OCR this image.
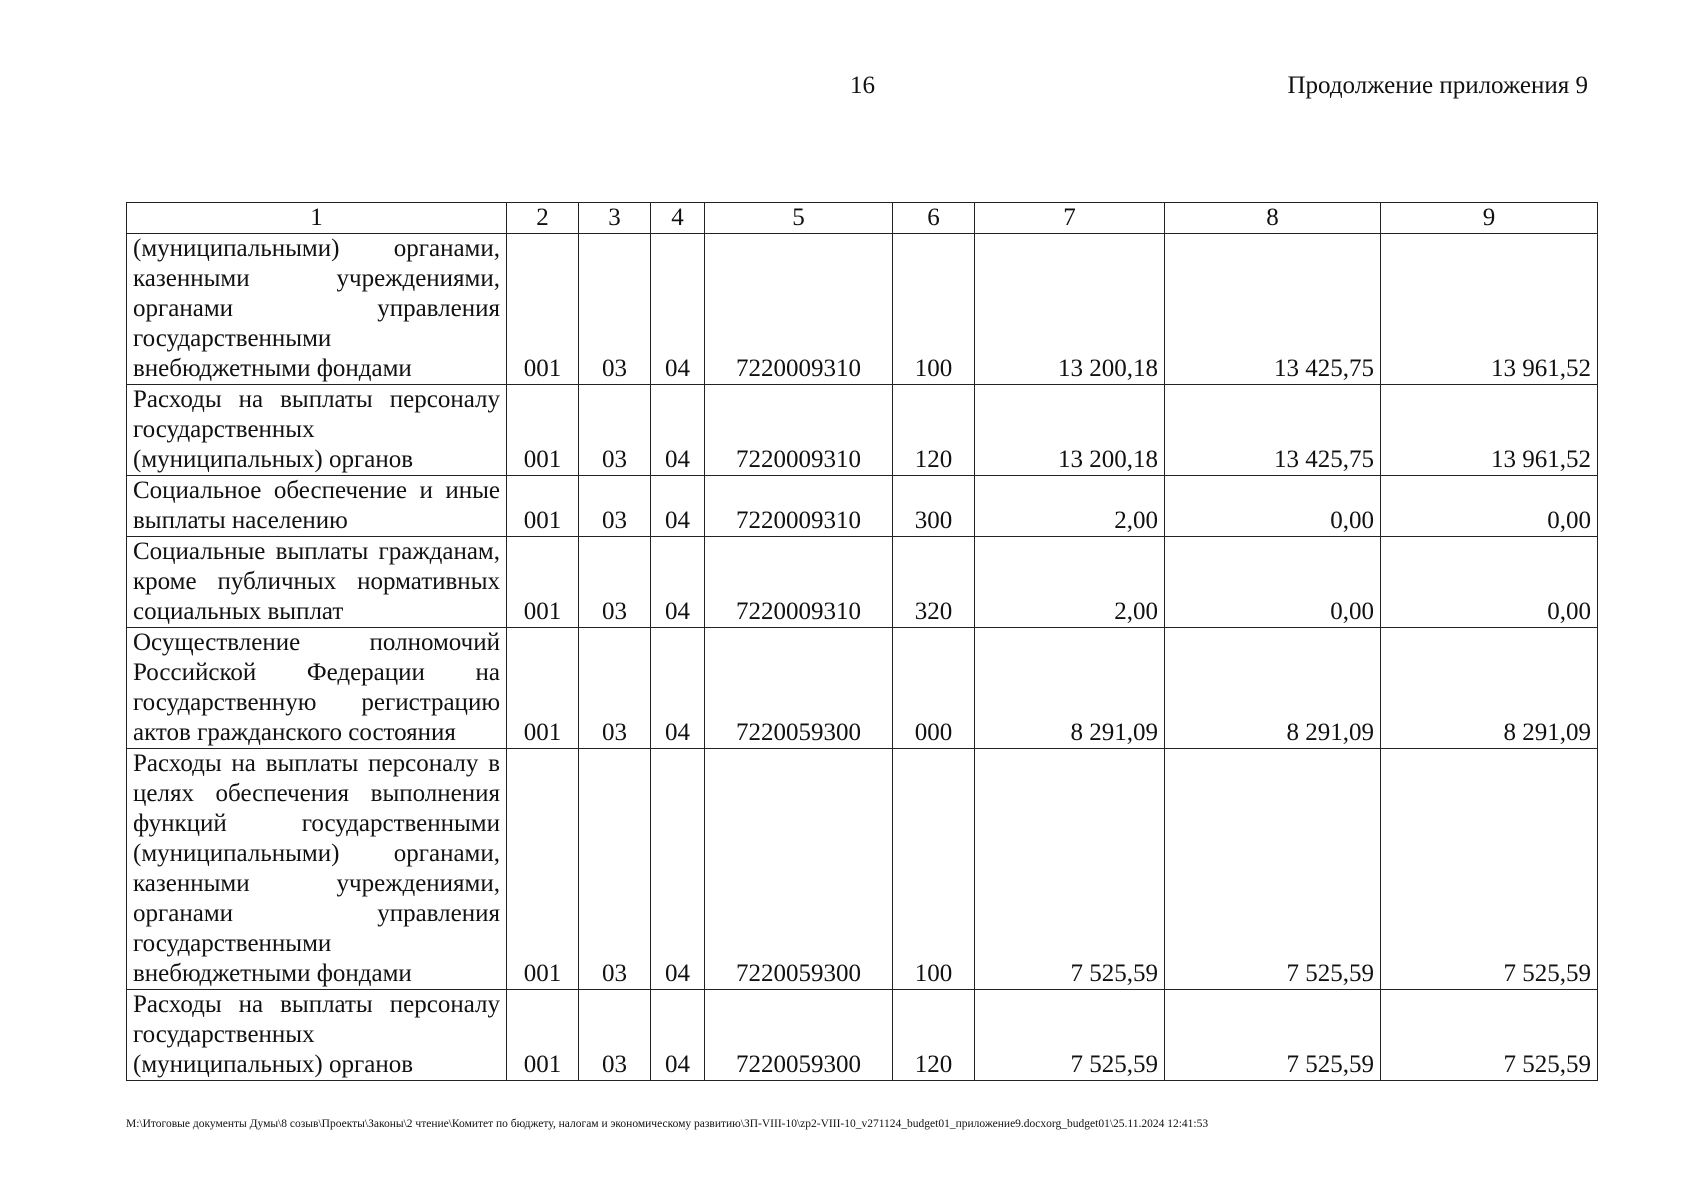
16	Продолжение приложения 9
1	2	3	4	5	6	7	8	9
(муниципальными) органами, казенными учреждениями, органами управления государственными внебюджетными фондами	001	03	04	7220009310	100	13 200,18	13 425,75	13 961,52
Расходы на выплаты персоналу государственных (муниципальных) органов	001	03	04	7220009310	120	13 200,18	13 425,75	13 961,52
Социальное обеспечение и иные выплаты населению	001	03	04	7220009310	300	2,00	0,00	0,00
Социальные выплаты гражданам, кроме публичных нормативных социальных выплат	001	03	04	7220009310	320	2,00	0,00	0,00
Осуществление полномочий Российской Федерации на государственную регистрацию актов гражданского состояния	001	03	04	7220059300	000	8 291,09	8 291,09	8 291,09
Расходы на выплаты персоналу в целях обеспечения выполнения функций государственными (муниципальными) органами, казенными учреждениями, органами управления государственными внебюджетными фондами	001	03	04	7220059300	100	7 525,59	7 525,59	7 525,59
Расходы на выплаты персоналу государственных (муниципальных) органов	001	03	04	7220059300	120	7 525,59	7 525,59	7 525,59
M:\Итоговые документы Думы\8 созыв\Проекты\Законы\2 чтение\Комитет по бюджету, налогам и экономическому развитию\ЗП-VIII-10\zp2-VIII-10_v271124_budget01_приложение9.docxorg_budget01\25.11.2024 12:41:53
